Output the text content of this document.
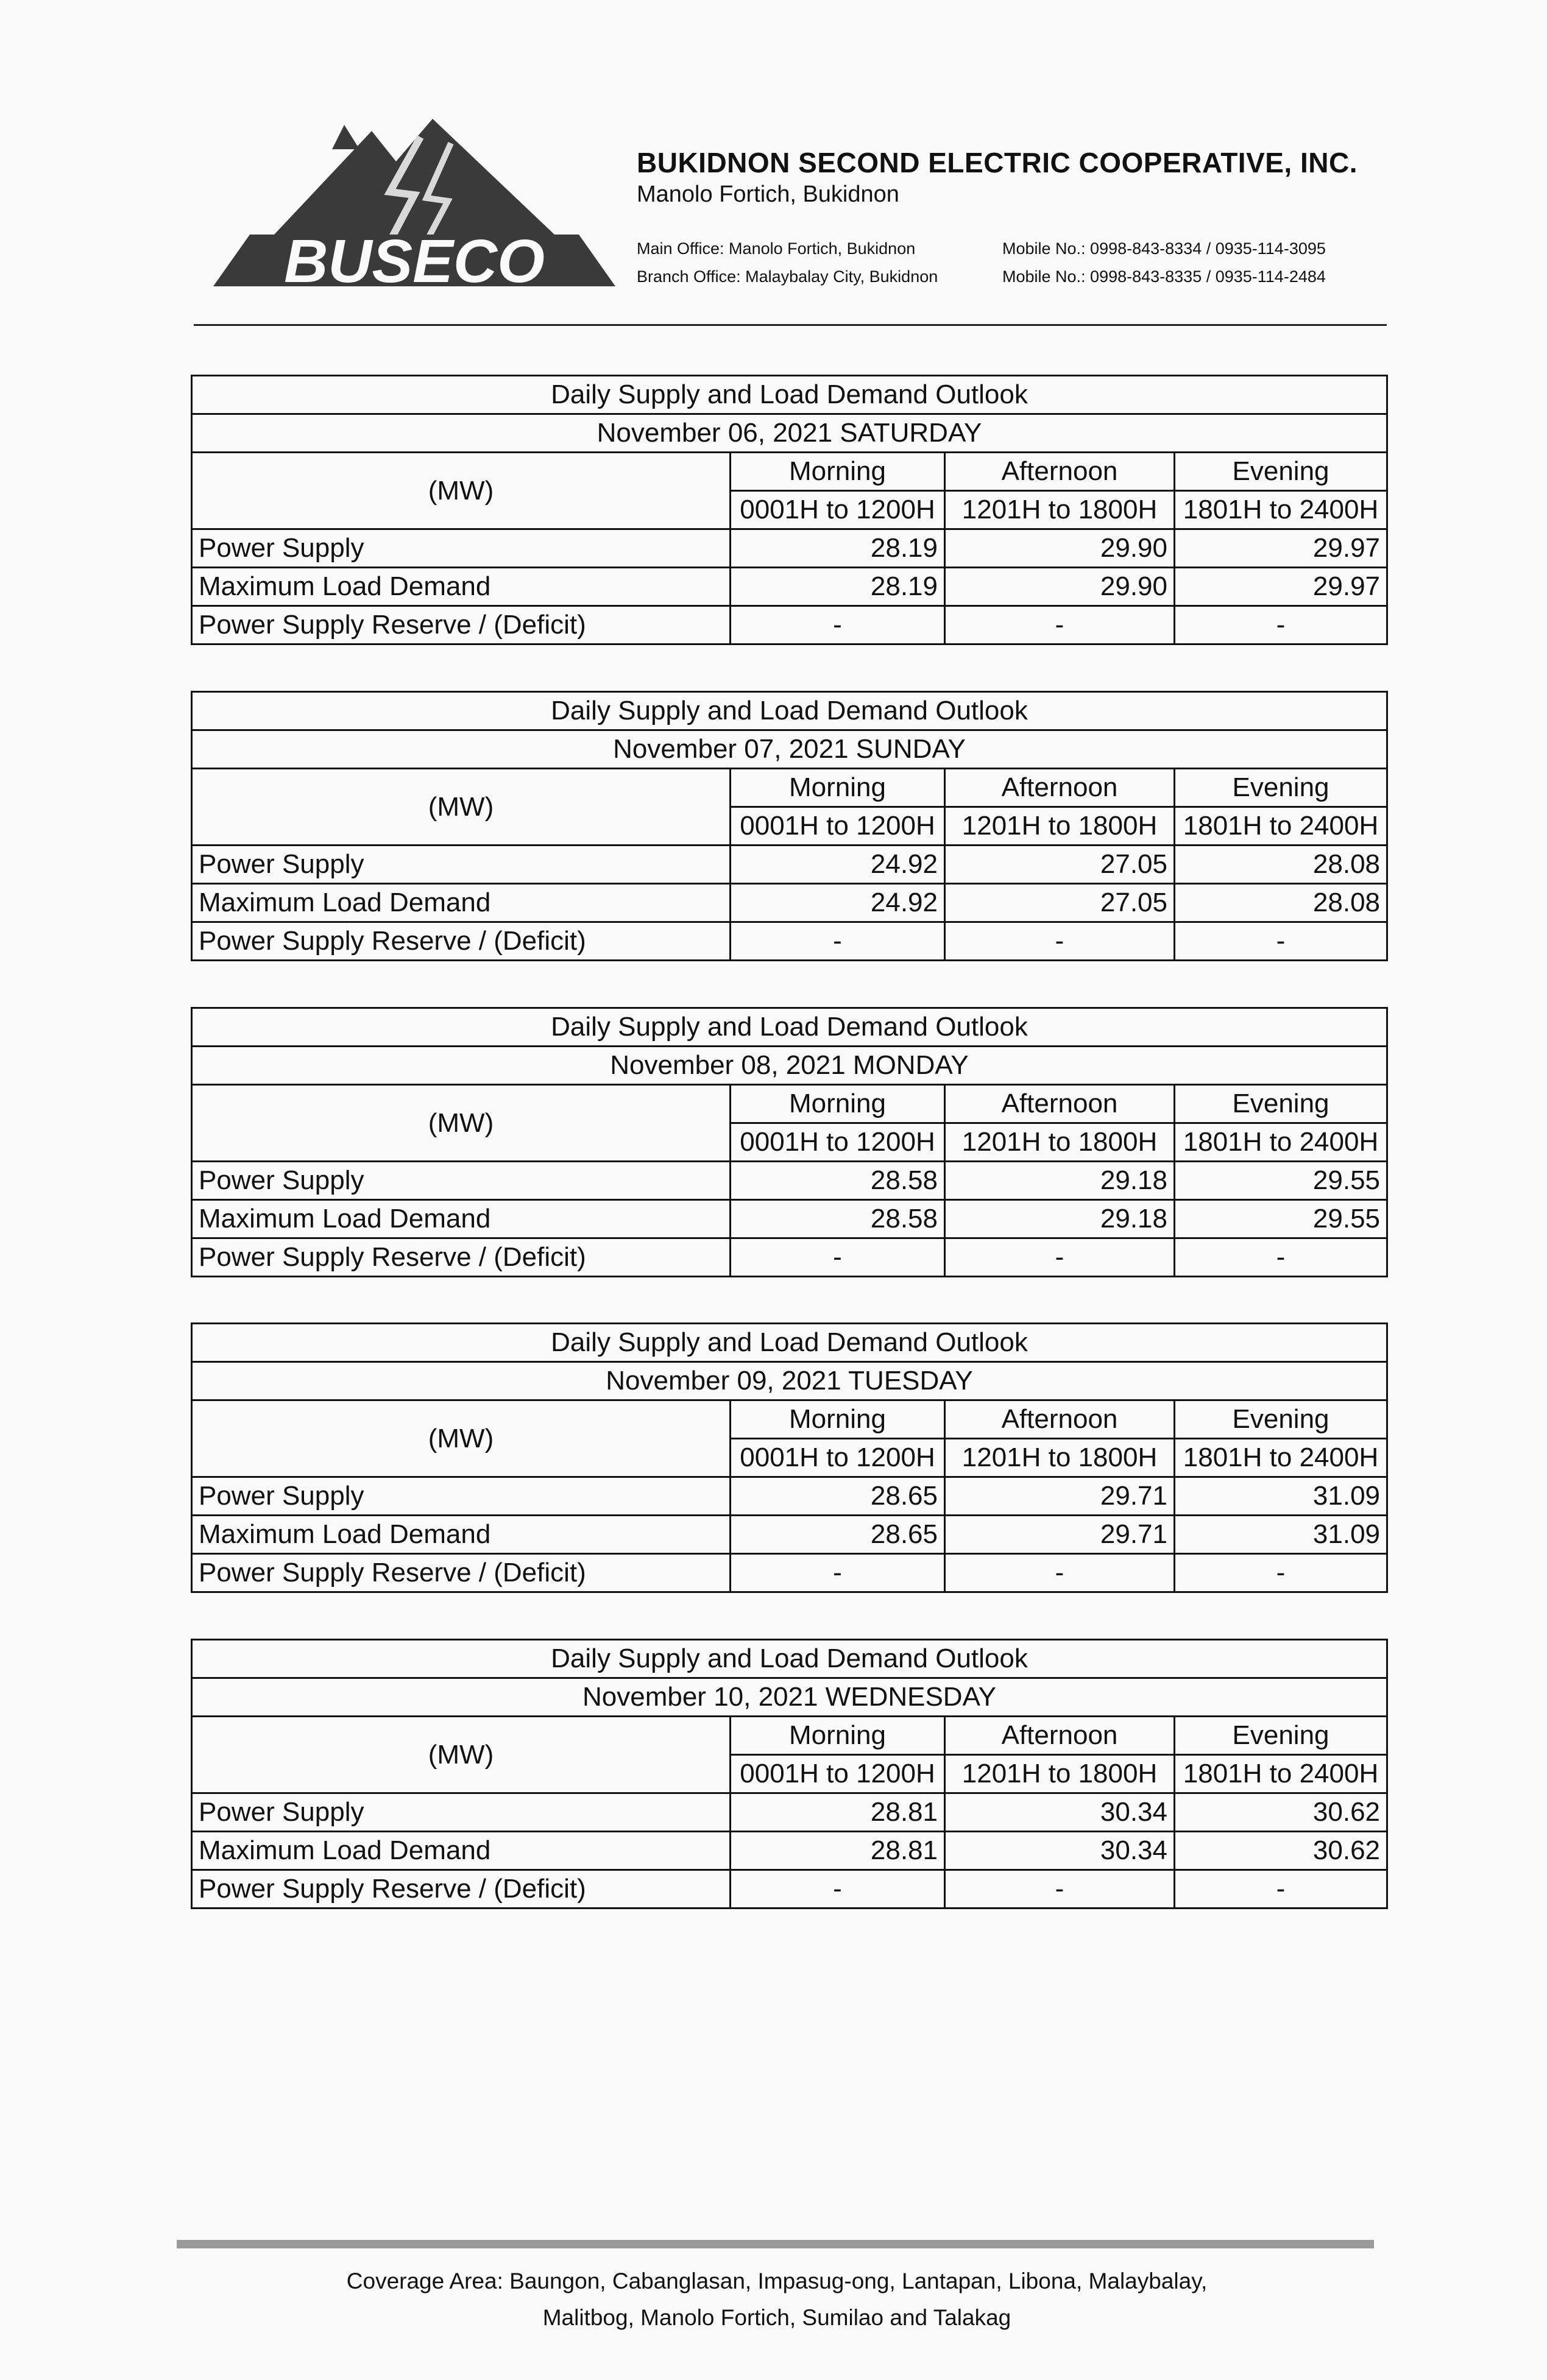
BUSECO
BUKIDNON SECOND ELECTRIC COOPERATIVE, INC.
Manolo Fortich, Bukidnon
Main Office: Manolo Fortich, Bukidnon	Mobile No.: 0998-843-8334 / 0935-114-3095
Branch Office: Malaybalay City, Bukidnon	Mobile No.: 0998-843-8335 / 0935-114-2484
Daily Supply and Load Demand Outlook			
November 06, 2021 SATURDAY			
(MW)	Morning	Afternoon	Evening
	0001H to 1200H	1201H to 1800H	1801H to 2400H
Power Supply	28.19	29.90	29.97
Maximum Load Demand	28.19	29.90	29.97
Power Supply Reserve / (Deficit)	-	-	-
Daily Supply and Load Demand Outlook			
November 07, 2021 SUNDAY			
(MW)	Morning	Afternoon	Evening
	0001H to 1200H	1201H to 1800H	1801H to 2400H
Power Supply	24.92	27.05	28.08
Maximum Load Demand	24.92	27.05	28.08
Power Supply Reserve / (Deficit)	-	-	-
Daily Supply and Load Demand Outlook			
November 08, 2021 MONDAY			
(MW)	Morning	Afternoon	Evening
	0001H to 1200H	1201H to 1800H	1801H to 2400H
Power Supply	28.58	29.18	29.55
Maximum Load Demand	28.58	29.18	29.55
Power Supply Reserve / (Deficit)	-	-	-
Daily Supply and Load Demand Outlook			
November 09, 2021 TUESDAY			
(MW)	Morning	Afternoon	Evening
	0001H to 1200H	1201H to 1800H	1801H to 2400H
Power Supply	28.65	29.71	31.09
Maximum Load Demand	28.65	29.71	31.09
Power Supply Reserve / (Deficit)	-	-	-
Daily Supply and Load Demand Outlook			
November 10, 2021 WEDNESDAY			
(MW)	Morning	Afternoon	Evening
	0001H to 1200H	1201H to 1800H	1801H to 2400H
Power Supply	28.81	30.34	30.62
Maximum Load Demand	28.81	30.34	30.62
Power Supply Reserve / (Deficit)	-	-	-
Coverage Area: Baungon, Cabanglasan, Impasug-ong, Lantapan, Libona, Malaybalay,
Malitbog, Manolo Fortich, Sumilao and Talakag
